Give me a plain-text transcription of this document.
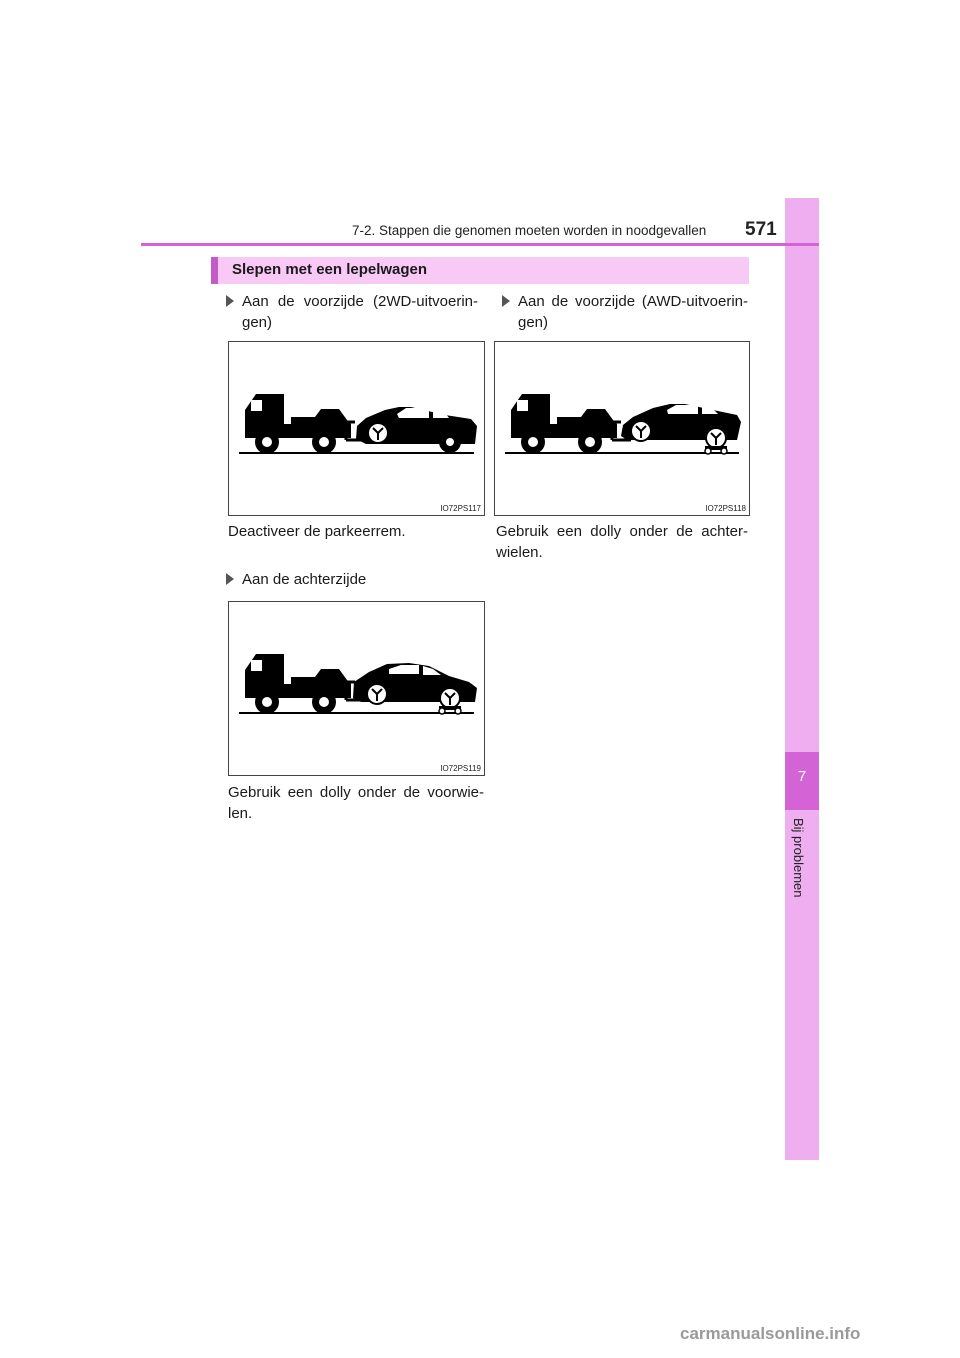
7
Bij problemen
7-2. Stappen die genomen moeten worden in noodgevallen 571
Slepen met een lepelwagen
Aan de voorzijde (2WD-uitvoerin-gen)
Aan de voorzijde (AWD-uitvoerin-gen)
IO72PS117	IO72PS118
Deactiveer de parkeerrem.	Gebruik een dolly onder de achter-wielen.
Aan de achterzijde
IO72PS119
Gebruik een dolly onder de voorwie-len.
carmanualsonline.info
